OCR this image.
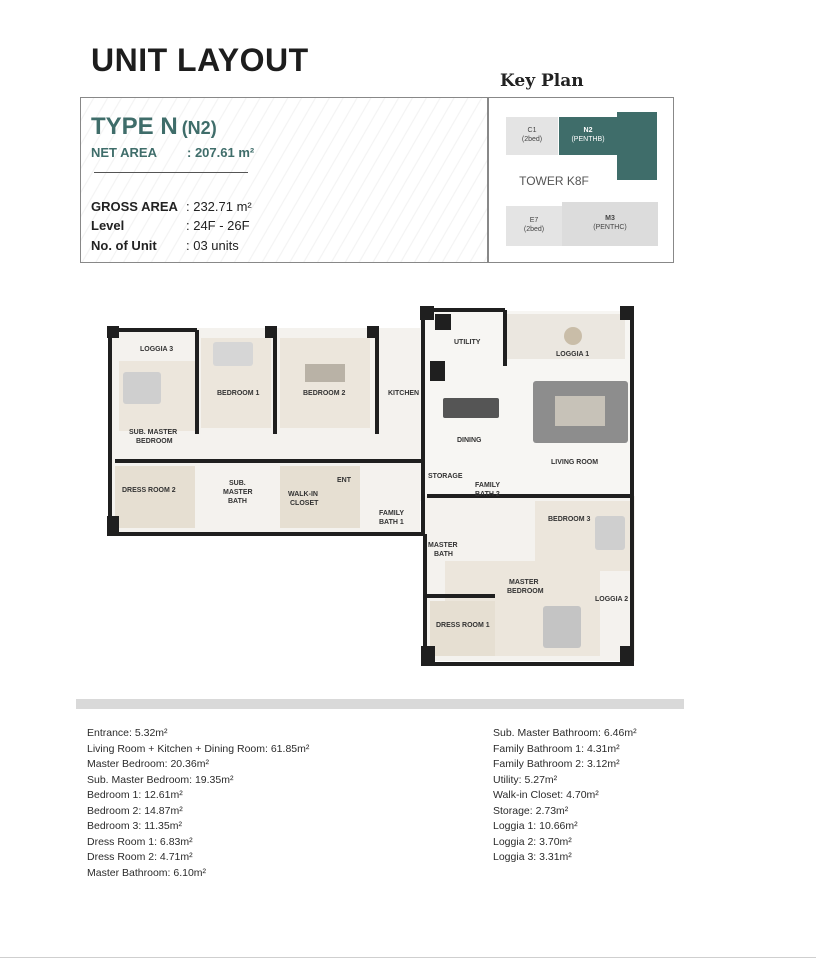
UNIT LAYOUT
Key Plan
TYPE N (N2)
NET AREA : 207.61 m²
GROSS AREA : 232.71 m²
Level	: 24F - 26F
No. of Unit : 03 units
C1
(2bed)
N2
(PENTHB)
TOWER K8F
E7
(2bed)
M3
(PENTHC)
LOGGIA 3
BEDROOM 1	BEDROOM 2
UTILITY
LOGGIA 1
KITCHEN
DINING
LIVING ROOM
SUB. MASTER
BEDROOM
DRESS ROOM 2
SUB.
MASTER
BATH
WALK-IN
CLOSET
ENT
FAMILY
BATH 1
STORAGE
FAMILY
BATH 2
BEDROOM 3
MASTER
BATH
MASTER
BEDROOM
LOGGIA 2
DRESS ROOM 1
Entrance: 5.32m²
Living Room + Kitchen + Dining Room: 61.85m²
Master Bedroom: 20.36m²
Sub. Master Bedroom: 19.35m²
Bedroom 1: 12.61m²
Bedroom 2: 14.87m²
Bedroom 3: 11.35m²
Dress Room 1: 6.83m²
Dress Room 2: 4.71m²
Master Bathroom: 6.10m²
Sub. Master Bathroom: 6.46m²
Family Bathroom 1: 4.31m²
Family Bathroom 2: 3.12m²
Utility: 5.27m²
Walk-in Closet: 4.70m²
Storage: 2.73m²
Loggia 1: 10.66m²
Loggia 2: 3.70m²
Loggia 3: 3.31m²
